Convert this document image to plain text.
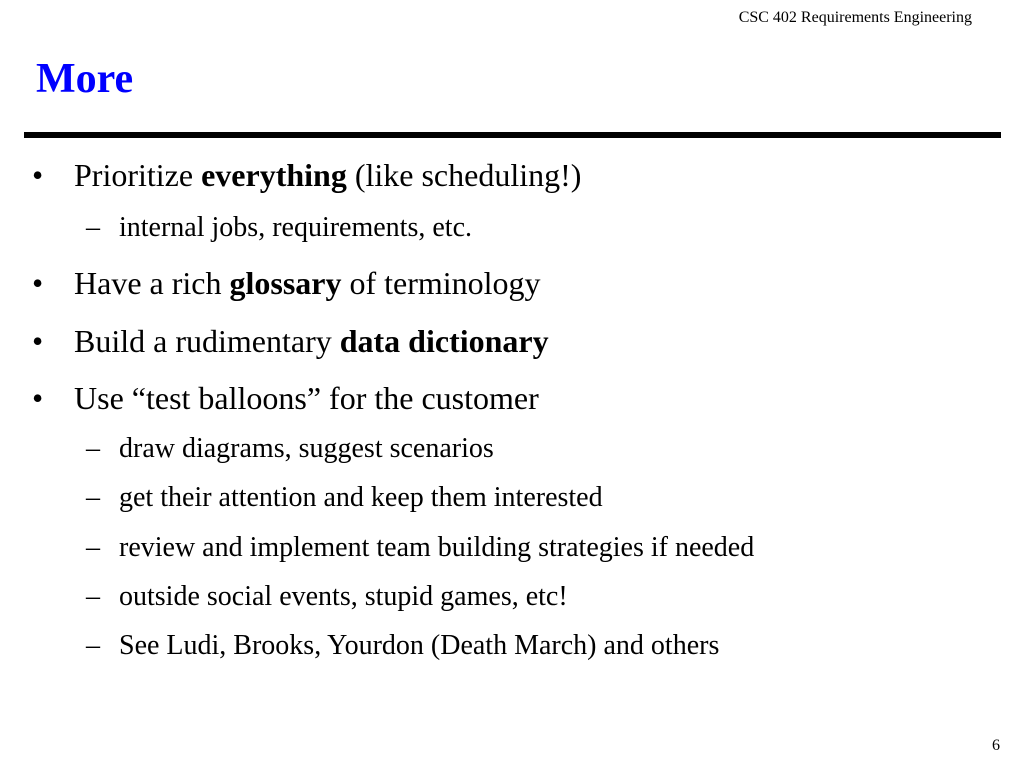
CSC 402 Requirements Engineering
More
• Prioritize everything (like scheduling!)
– internal jobs, requirements, etc.
• Have a rich glossary of terminology
• Build a rudimentary data dictionary
• Use “test balloons” for the customer
– draw diagrams, suggest scenarios
– get their attention and keep them interested
– review and implement team building strategies if needed
– outside social events, stupid games, etc!
– See Ludi, Brooks, Yourdon (Death March) and others
6
